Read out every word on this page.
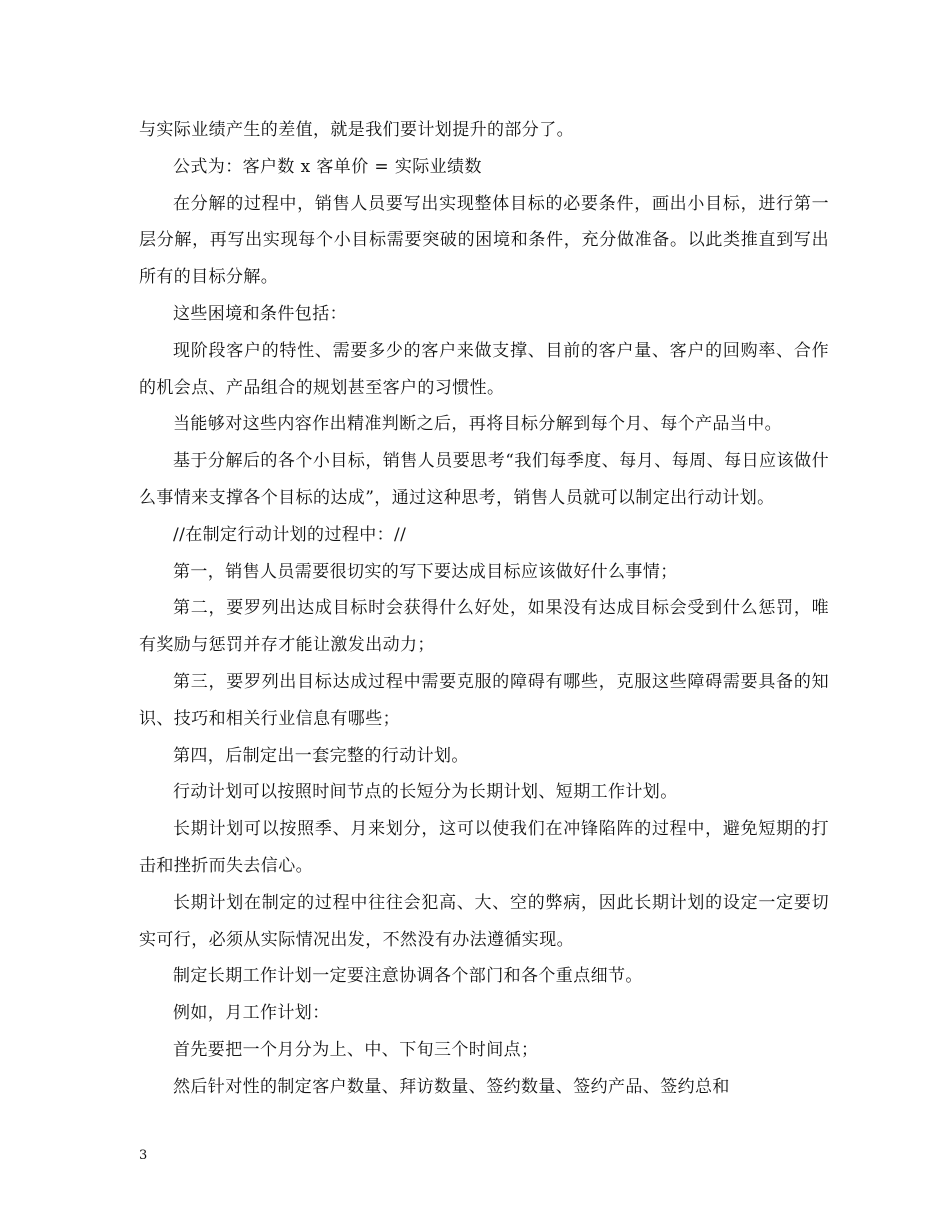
与实际业绩产生的差值，就是我们要计划提升的部分了。

公式为：客户数 x 客单价 = 实际业绩数

在分解的过程中，销售人员要写出实现整体目标的必要条件，画出小目标，进行第一层分解，再写出实现每个小目标需要突破的困境和条件，充分做准备。以此类推直到写出所有的目标分解。

这些困境和条件包括：

现阶段客户的特性、需要多少的客户来做支撑、目前的客户量、客户的回购率、合作的机会点、产品组合的规划甚至客户的习惯性。

当能够对这些内容作出精准判断之后，再将目标分解到每个月、每个产品当中。

基于分解后的各个小目标，销售人员要思考“我们每季度、每月、每周、每日应该做什么事情来支撑各个目标的达成”，通过这种思考，销售人员就可以制定出行动计划。

//在制定行动计划的过程中：//

第一，销售人员需要很切实的写下要达成目标应该做好什么事情；

第二，要罗列出达成目标时会获得什么好处，如果没有达成目标会受到什么惩罚，唯有奖励与惩罚并存才能让激发出动力；

第三，要罗列出目标达成过程中需要克服的障碍有哪些，克服这些障碍需要具备的知识、技巧和相关行业信息有哪些；

第四，后制定出一套完整的行动计划。

行动计划可以按照时间节点的长短分为长期计划、短期工作计划。

长期计划可以按照季、月来划分，这可以使我们在冲锋陷阵的过程中，避免短期的打击和挫折而失去信心。

长期计划在制定的过程中往往会犯高、大、空的弊病，因此长期计划的设定一定要切实可行，必须从实际情况出发，不然没有办法遵循实现。

制定长期工作计划一定要注意协调各个部门和各个重点细节。

例如，月工作计划：

首先要把一个月分为上、中、下旬三个时间点；

然后针对性的制定客户数量、拜访数量、签约数量、签约产品、签约总和

3
